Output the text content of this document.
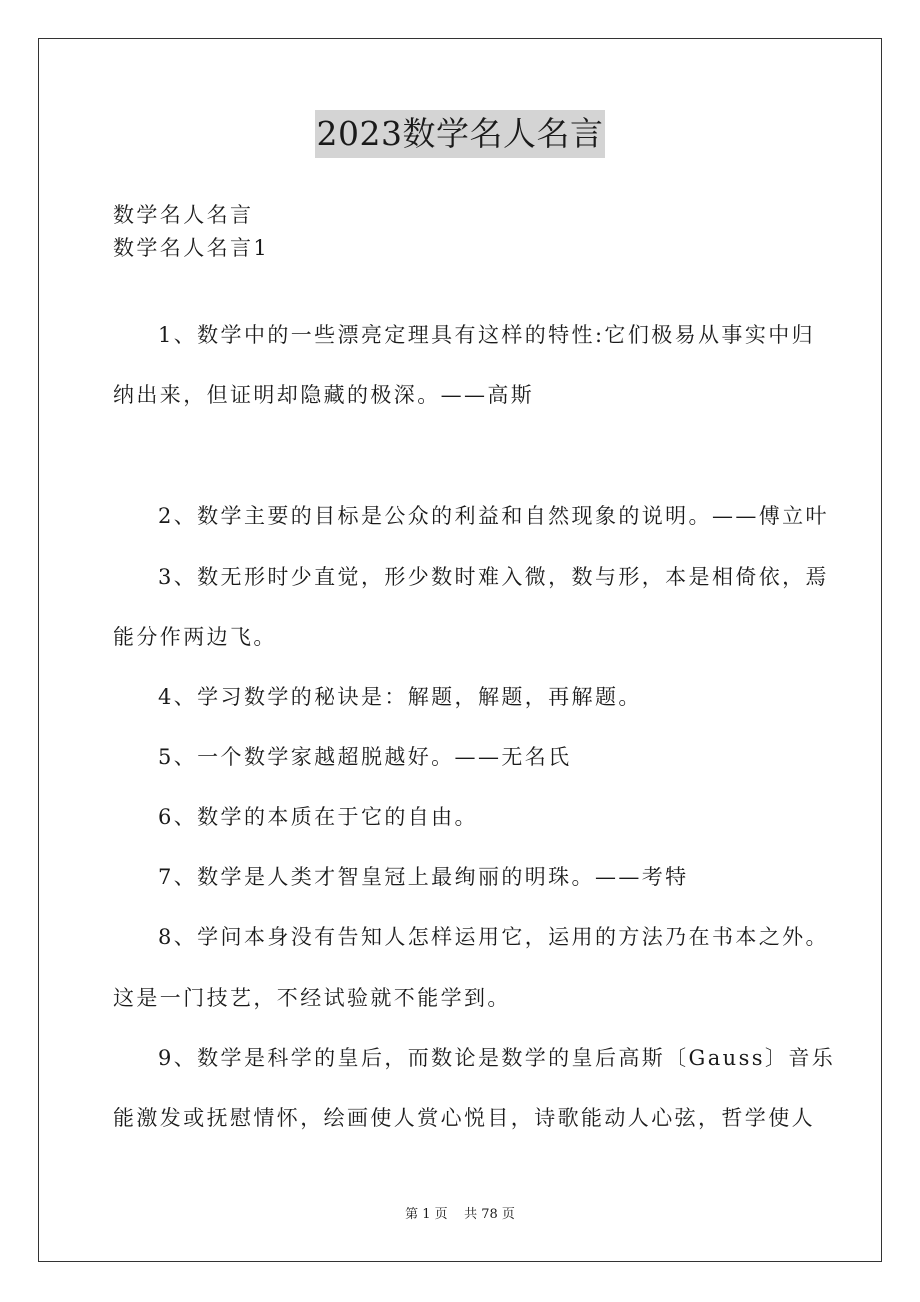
2023数学名人名言
数学名人名言
数学名人名言1
1、数学中的一些漂亮定理具有这样的特性:它们极易从事实中归
纳出来，但证明却隐藏的极深。——高斯
2、数学主要的目标是公众的利益和自然现象的说明。——傅立叶
3、数无形时少直觉，形少数时难入微，数与形，本是相倚依，焉
能分作两边飞。
4、学习数学的秘诀是：解题，解题，再解题。
5、一个数学家越超脱越好。——无名氏
6、数学的本质在于它的自由。
7、数学是人类才智皇冠上最绚丽的明珠。——考特
8、学问本身没有告知人怎样运用它，运用的方法乃在书本之外。
这是一门技艺，不经试验就不能学到。
9、数学是科学的皇后，而数论是数学的皇后高斯〔Gauss〕音乐
能激发或抚慰情怀，绘画使人赏心悦目，诗歌能动人心弦，哲学使人
第 1 页    共 78 页
